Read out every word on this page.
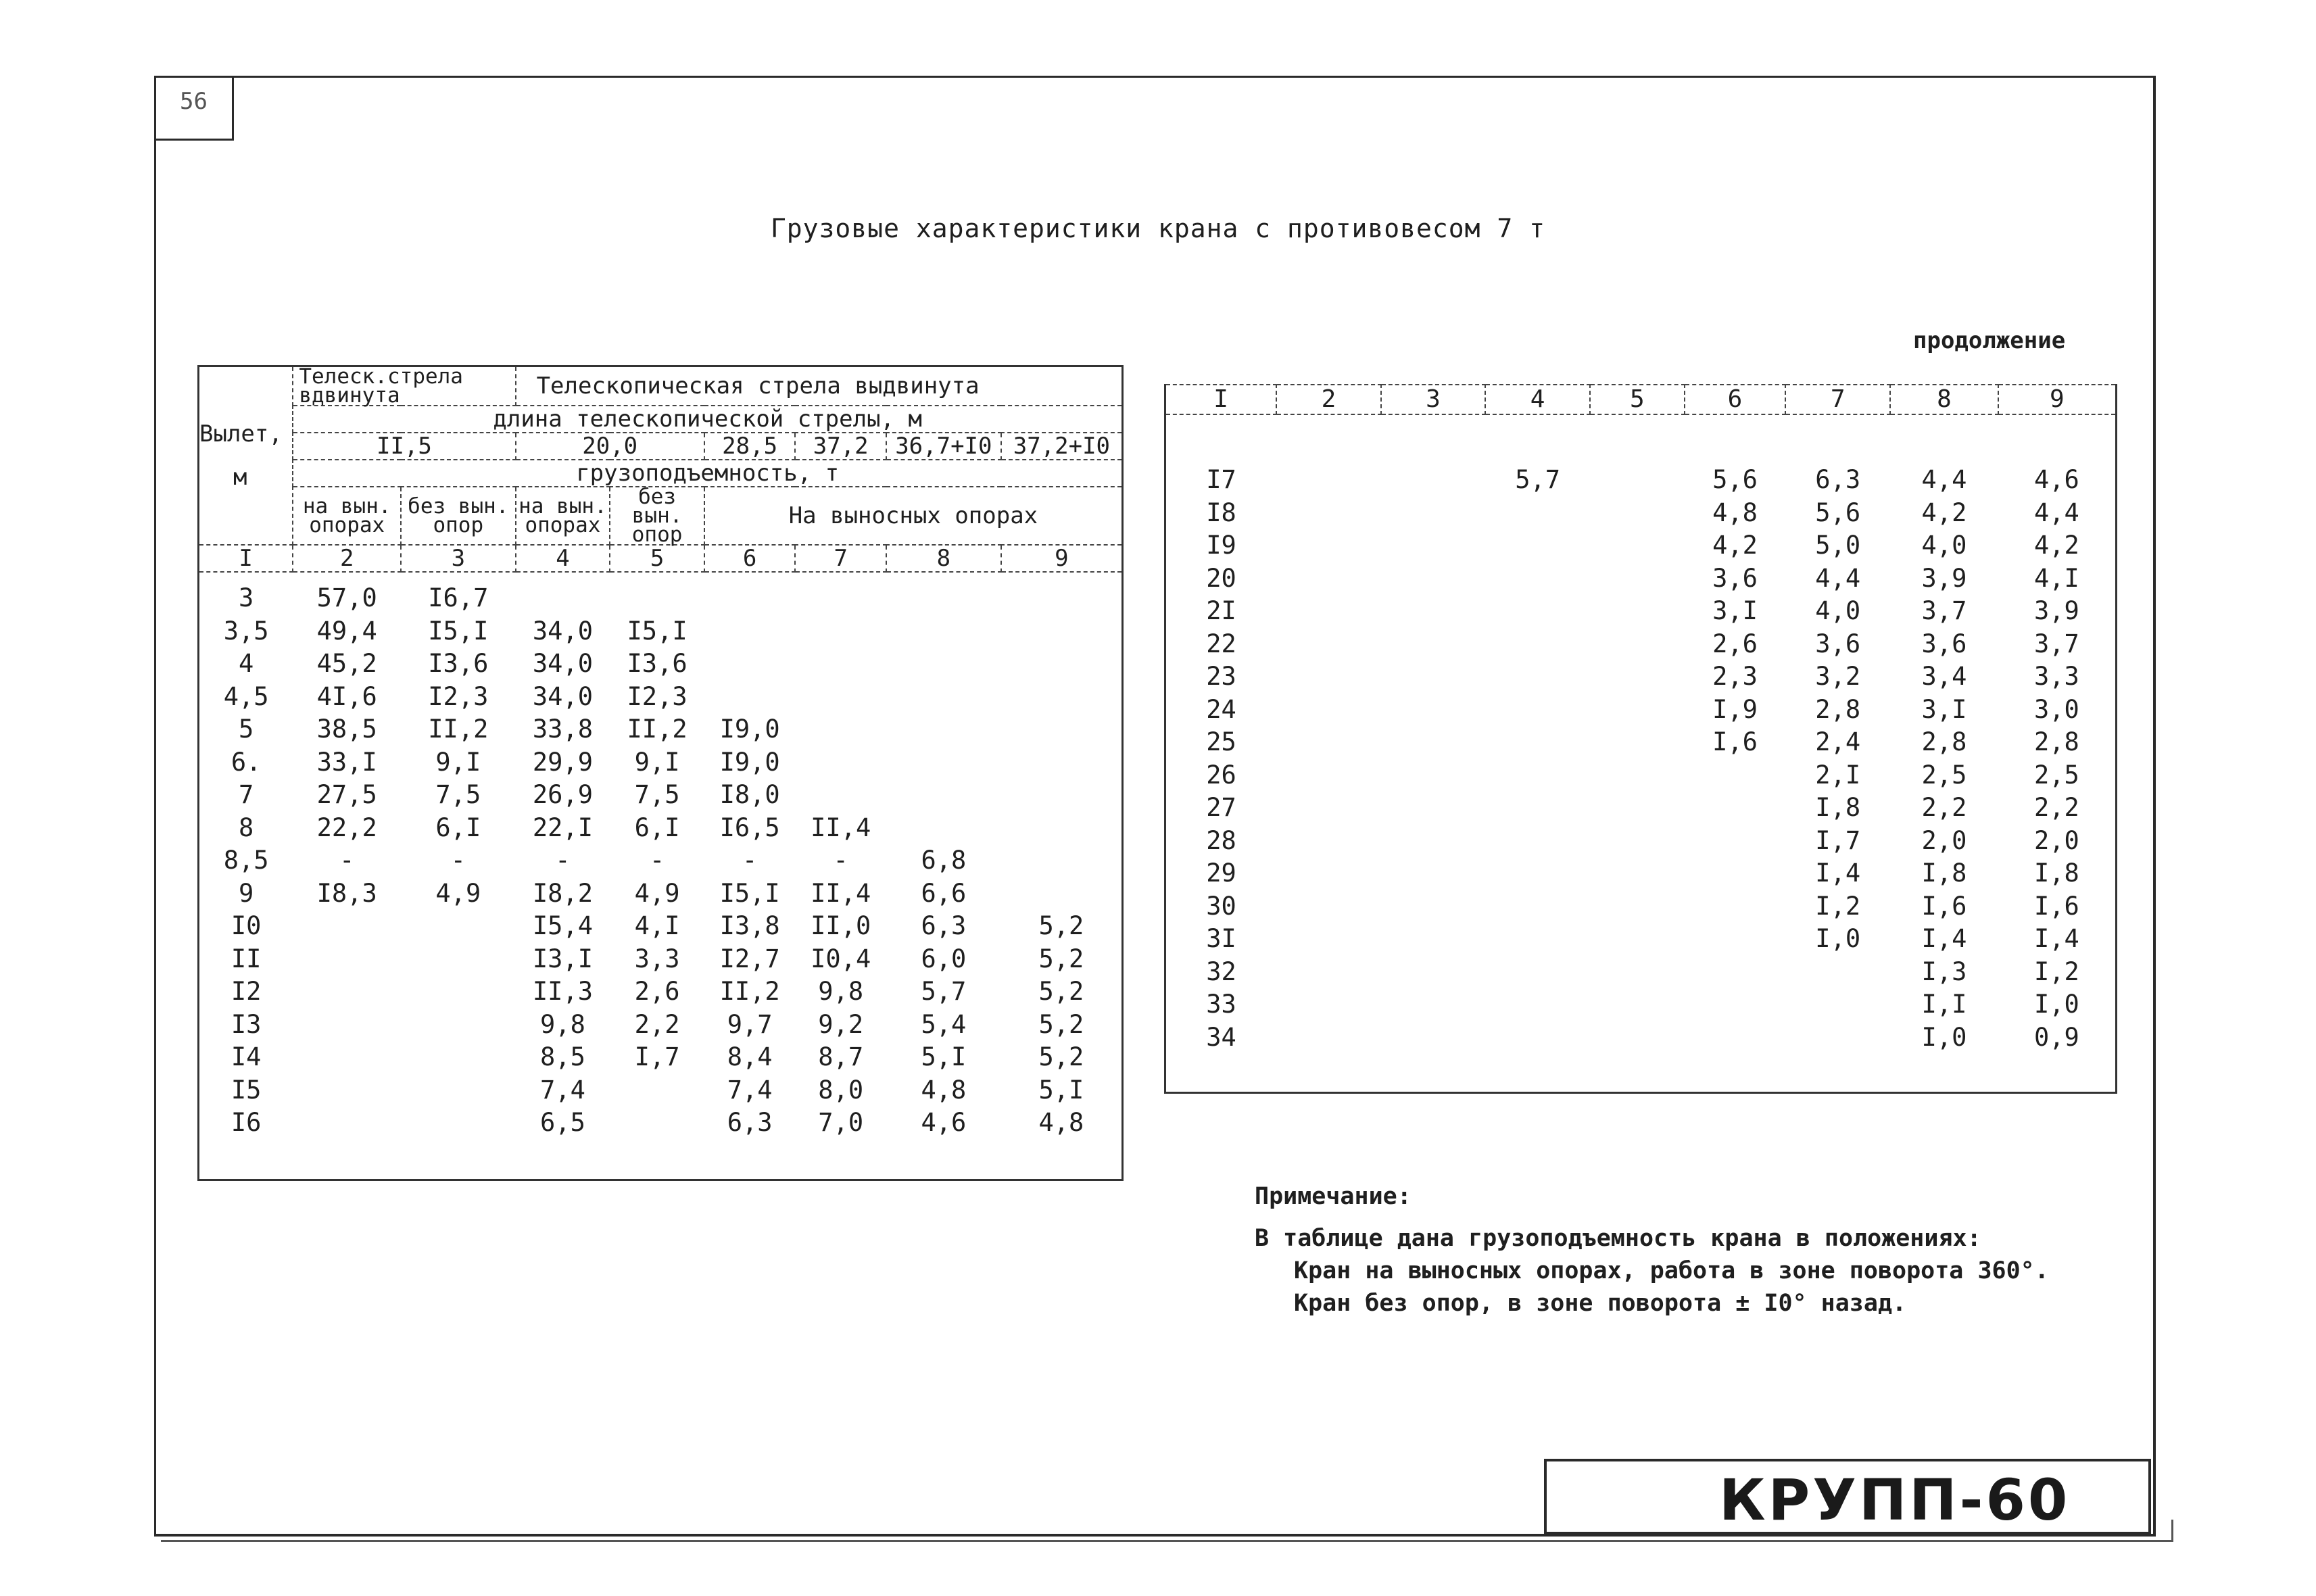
56
Грузовые характеристики крана с противовесом 7 т
продолжение
Вылет,
м	Телеск.стрела вдвинута		Телескопическая стрела выдвинута					
	длина телескопической стрелы, м							
	II,5		20,0		28,5	37,2	36,7+I0	37,2+I0
	грузоподъемность, т							
	на вын. опорах	без вын. опор	на вын. опорах	без вын. опор	На выносных опорах			
I	2	3	4	5	6	7	8	9
3	57,0	I6,7						
3,5	49,4	I5,I	34,0	I5,I				
4	45,2	I3,6	34,0	I3,6				
4,5	4I,6	I2,3	34,0	I2,3				
5	38,5	II,2	33,8	II,2	I9,0			
6.	33,I	9,I	29,9	9,I	I9,0			
7	27,5	7,5	26,9	7,5	I8,0			
8	22,2	6,I	22,I	6,I	I6,5	II,4		
8,5	-	-	-	-	-	-	6,8	
9	I8,3	4,9	I8,2	4,9	I5,I	II,4	6,6	
I0			I5,4	4,I	I3,8	II,0	6,3	5,2
II			I3,I	3,3	I2,7	I0,4	6,0	5,2
I2			II,3	2,6	II,2	9,8	5,7	5,2
I3			9,8	2,2	9,7	9,2	5,4	5,2
I4			8,5	I,7	8,4	8,7	5,I	5,2
I5			7,4		7,4	8,0	4,8	5,I
I6			6,5		6,3	7,0	4,6	4,8
I	2	3	4	5	6	7	8	9
I7			5,7		5,6	6,3	4,4	4,6
I8					4,8	5,6	4,2	4,4
I9					4,2	5,0	4,0	4,2
20					3,6	4,4	3,9	4,I
2I					3,I	4,0	3,7	3,9
22					2,6	3,6	3,6	3,7
23					2,3	3,2	3,4	3,3
24					I,9	2,8	3,I	3,0
25					I,6	2,4	2,8	2,8
26						2,I	2,5	2,5
27						I,8	2,2	2,2
28						I,7	2,0	2,0
29						I,4	I,8	I,8
30						I,2	I,6	I,6
3I						I,0	I,4	I,4
32							I,3	I,2
33							I,I	I,0
34							I,0	0,9
Примечание:
В таблице дана грузоподъемность крана в положениях:
Кран на выносных опорах, работа в зоне поворота 360°.
Кран без опор, в зоне поворота ± I0° назад.
КРУПП-60
